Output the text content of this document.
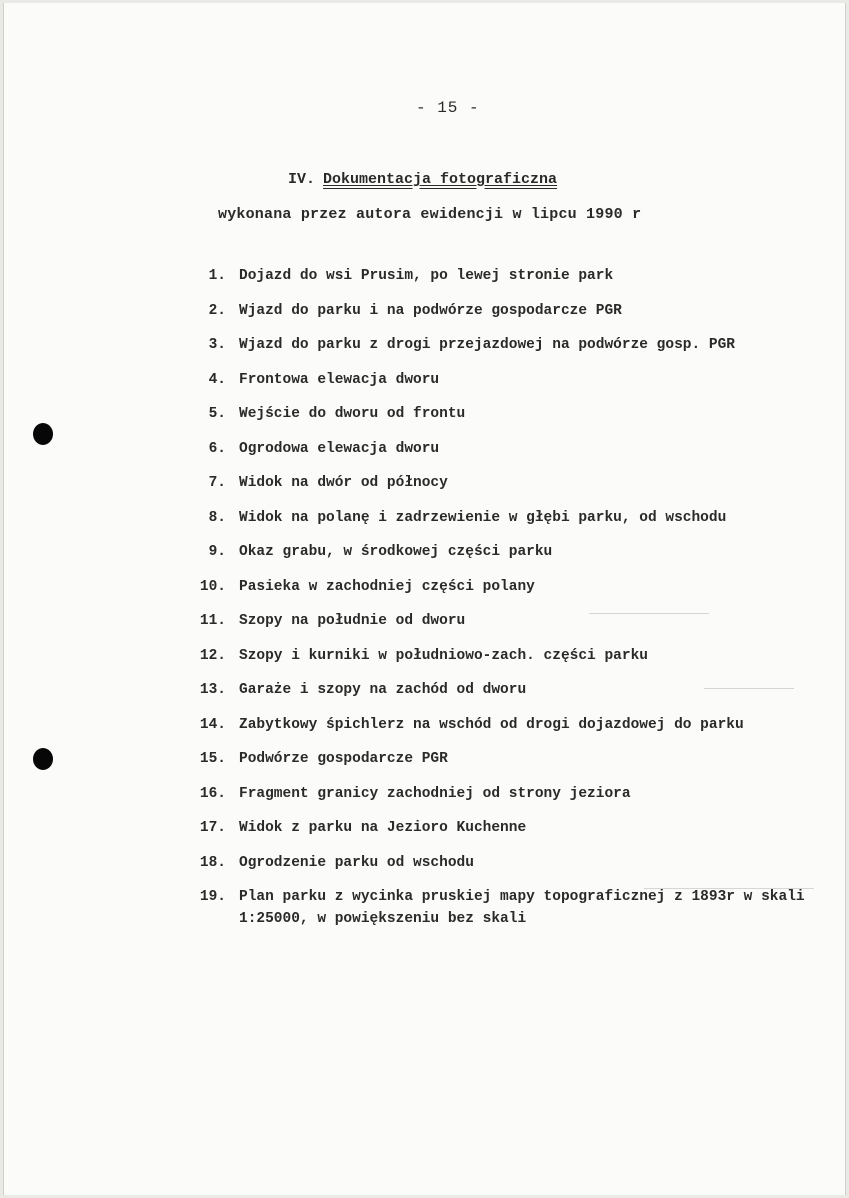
- 15 -
IV. Dokumentacja fotograficzna
wykonana przez autora ewidencji w lipcu 1990 r
1. Dojazd do wsi Prusim, po lewej stronie park
2. Wjazd do parku i na podwórze gospodarcze PGR
3. Wjazd do parku z drogi przejazdowej na podwórze gosp. PGR
4. Frontowa elewacja dworu
5. Wejście do dworu od frontu
6. Ogrodowa elewacja dworu
7. Widok na dwór od północy
8. Widok na polanę i zadrzewienie w głębi parku, od wschodu
9. Okaz grabu, w środkowej części parku
10. Pasieka w zachodniej części polany
11. Szopy na południe od dworu
12. Szopy i kurniki w południowo-zach. części parku
13. Garaże i szopy na zachód od dworu
14. Zabytkowy śpichlerz na wschód od drogi dojazdowej do parku
15. Podwórze gospodarcze PGR
16. Fragment granicy zachodniej od strony jeziora
17. Widok z parku na Jezioro Kuchenne
18. Ogrodzenie parku od wschodu
19. Plan parku z wycinka pruskiej mapy topograficznej z 1893r w skali 1:25000, w powiększeniu bez skali
